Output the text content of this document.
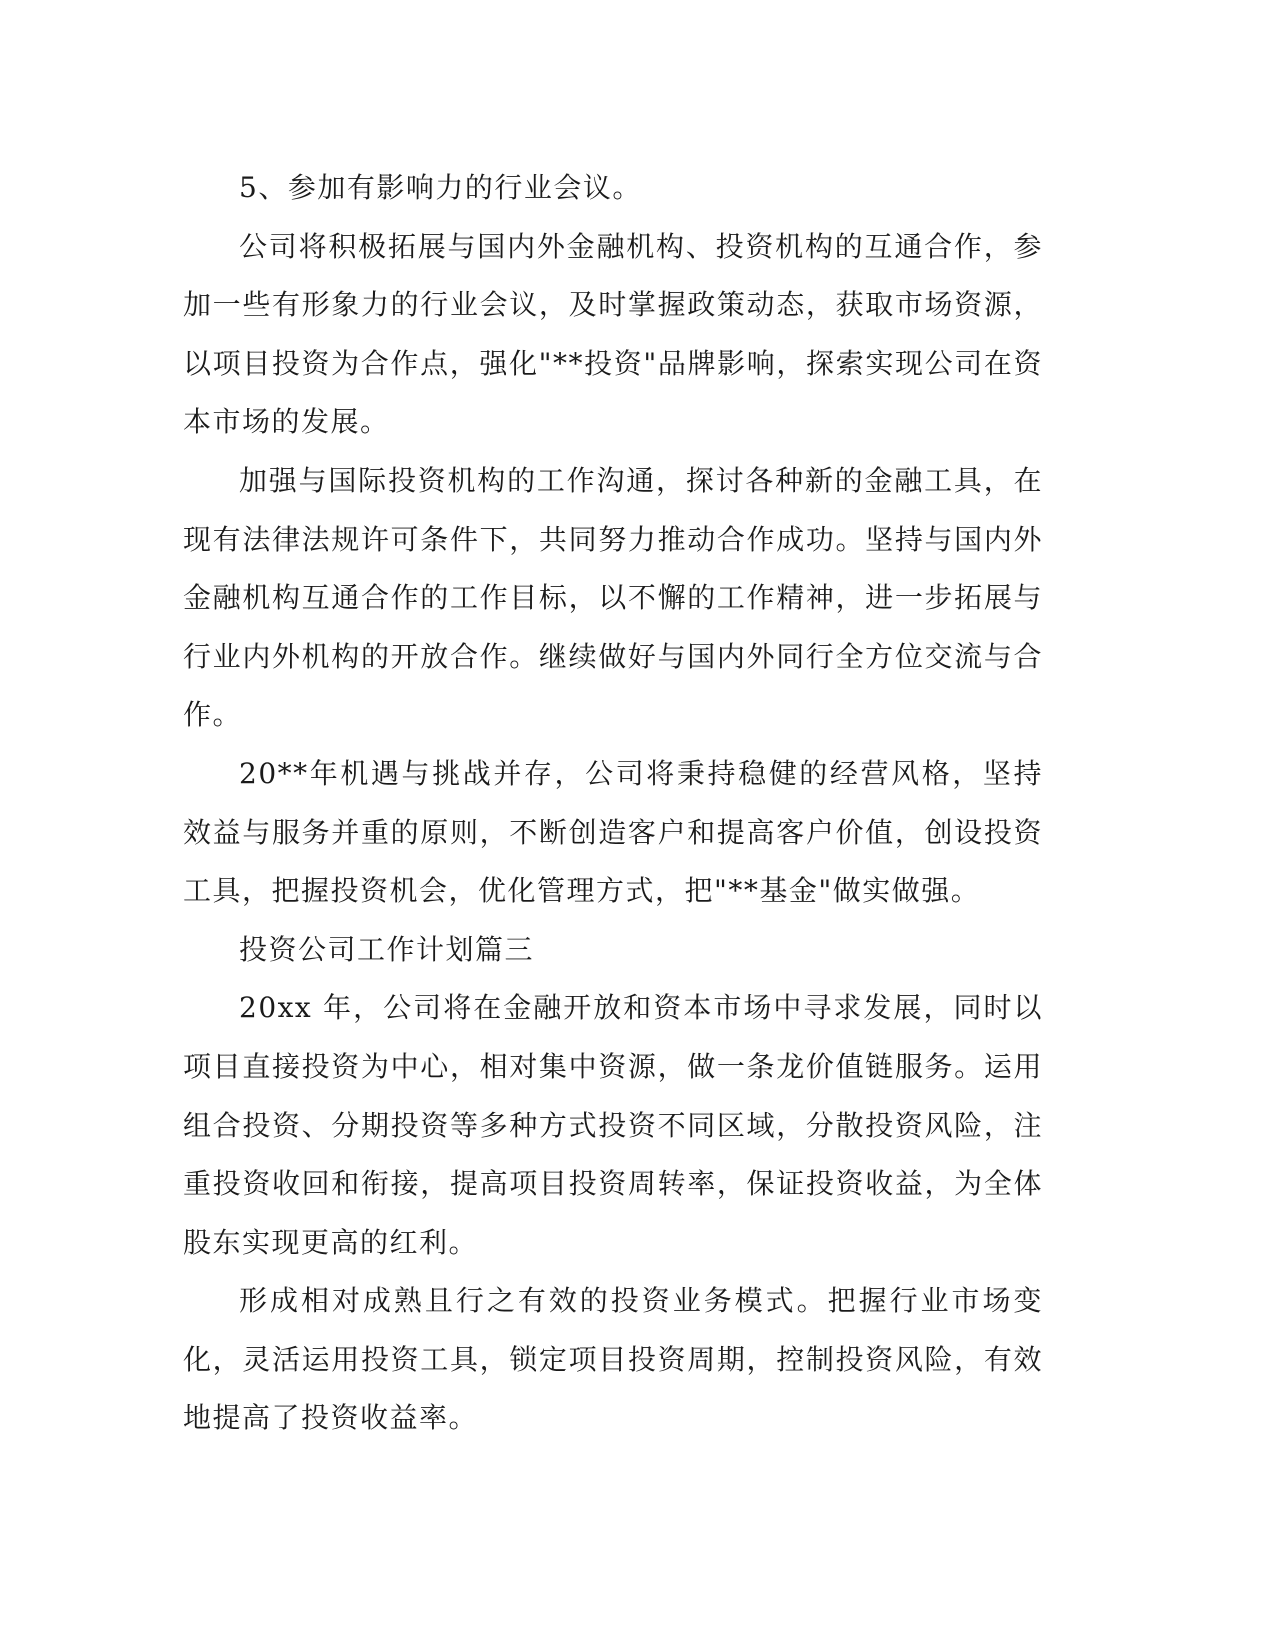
5、参加有影响力的行业会议。

公司将积极拓展与国内外金融机构、投资机构的互通合作，参加一些有形象力的行业会议，及时掌握政策动态，获取市场资源，以项目投资为合作点，强化"**投资"品牌影响，探索实现公司在资本市场的发展。

加强与国际投资机构的工作沟通，探讨各种新的金融工具，在现有法律法规许可条件下，共同努力推动合作成功。坚持与国内外金融机构互通合作的工作目标，以不懈的工作精神，进一步拓展与行业内外机构的开放合作。继续做好与国内外同行全方位交流与合作。

20**年机遇与挑战并存，公司将秉持稳健的经营风格，坚持效益与服务并重的原则，不断创造客户和提高客户价值，创设投资工具，把握投资机会，优化管理方式，把"**基金"做实做强。

投资公司工作计划篇三

20xx 年，公司将在金融开放和资本市场中寻求发展，同时以项目直接投资为中心，相对集中资源，做一条龙价值链服务。运用组合投资、分期投资等多种方式投资不同区域，分散投资风险，注重投资收回和衔接，提高项目投资周转率，保证投资收益，为全体股东实现更高的红利。

形成相对成熟且行之有效的投资业务模式。把握行业市场变化，灵活运用投资工具，锁定项目投资周期，控制投资风险，有效地提高了投资收益率。
